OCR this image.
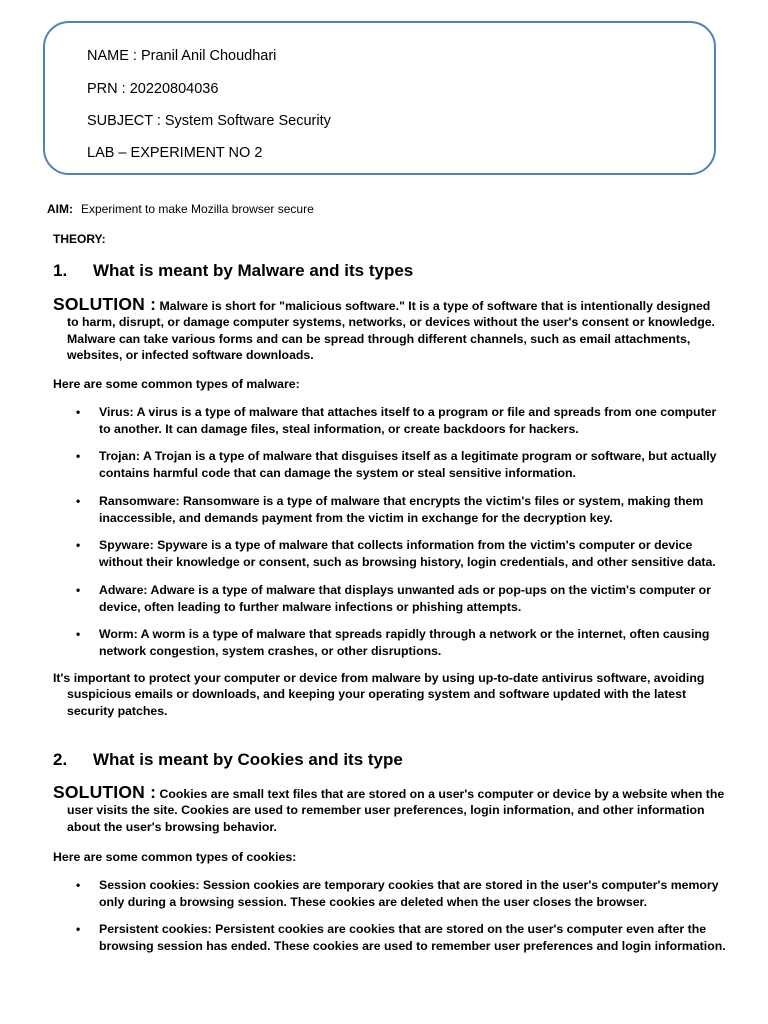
NAME : Pranil Anil Choudhari
PRN : 20220804036
SUBJECT : System Software Security
LAB – EXPERIMENT NO 2
AIM: Experiment to make Mozilla browser secure
THEORY:
1. What is meant by Malware and its types
SOLUTION : Malware is short for "malicious software." It is a type of software that is intentionally designed to harm, disrupt, or damage computer systems, networks, or devices without the user's consent or knowledge. Malware can take various forms and can be spread through different channels, such as email attachments, websites, or infected software downloads.
Here are some common types of malware:
• Virus: A virus is a type of malware that attaches itself to a program or file and spreads from one computer to another. It can damage files, steal information, or create backdoors for hackers.
• Trojan: A Trojan is a type of malware that disguises itself as a legitimate program or software, but actually contains harmful code that can damage the system or steal sensitive information.
• Ransomware: Ransomware is a type of malware that encrypts the victim's files or system, making them inaccessible, and demands payment from the victim in exchange for the decryption key.
• Spyware: Spyware is a type of malware that collects information from the victim's computer or device without their knowledge or consent, such as browsing history, login credentials, and other sensitive data.
• Adware: Adware is a type of malware that displays unwanted ads or pop-ups on the victim's computer or device, often leading to further malware infections or phishing attempts.
• Worm: A worm is a type of malware that spreads rapidly through a network or the internet, often causing network congestion, system crashes, or other disruptions.
It's important to protect your computer or device from malware by using up-to-date antivirus software, avoiding suspicious emails or downloads, and keeping your operating system and software updated with the latest security patches.
2. What is meant by Cookies and its type
SOLUTION : Cookies are small text files that are stored on a user's computer or device by a website when the user visits the site. Cookies are used to remember user preferences, login information, and other information about the user's browsing behavior.
Here are some common types of cookies:
• Session cookies: Session cookies are temporary cookies that are stored in the user's computer's memory only during a browsing session. These cookies are deleted when the user closes the browser.
• Persistent cookies: Persistent cookies are cookies that are stored on the user's computer even after the browsing session has ended. These cookies are used to remember user preferences and login information.
